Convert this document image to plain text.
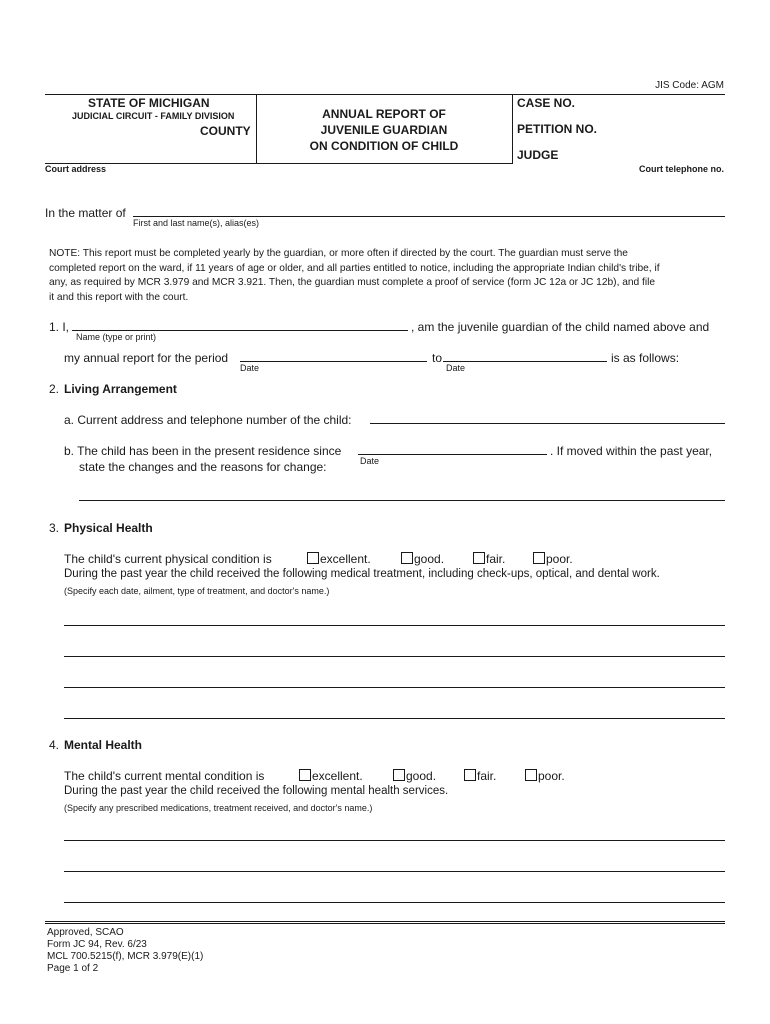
JIS Code: AGM
STATE OF MICHIGAN
JUDICIAL CIRCUIT - FAMILY DIVISION
COUNTY
ANNUAL REPORT OF
JUVENILE GUARDIAN
ON CONDITION OF CHILD
CASE NO.
PETITION NO.
JUDGE
Court address	Court telephone no.
In the matter of
First and last name(s), alias(es)
NOTE: This report must be completed yearly by the guardian, or more often if directed by the court. The guardian must serve the
completed report on the ward, if 11 years of age or older, and all parties entitled to notice, including the appropriate Indian child's tribe, if
any, as required by MCR 3.979 and MCR 3.921. Then, the guardian must complete a proof of service (form JC 12a or JC 12b), and file
it and this report with the court.
1. I,	, am the juvenile guardian of the child named above and
Name (type or print)
my annual report for the period	to	is as follows:
Date	Date
2. Living Arrangement
a. Current address and telephone number of the child:
b. The child has been in the present residence since	. If moved within the past year,
Date
state the changes and the reasons for change:
3. Physical Health
The child's current physical condition is	excellent.	good.	fair.	poor.
During the past year the child received the following medical treatment, including check-ups, optical, and dental work.
(Specify each date, ailment, type of treatment, and doctor's name.)
4. Mental Health
The child's current mental condition is	excellent.	good.	fair.	poor.
During the past year the child received the following mental health services.
(Specify any prescribed medications, treatment received, and doctor's name.)
Approved, SCAO
Form JC 94, Rev. 6/23
MCL 700.5215(f), MCR 3.979(E)(1)
Page 1 of 2
